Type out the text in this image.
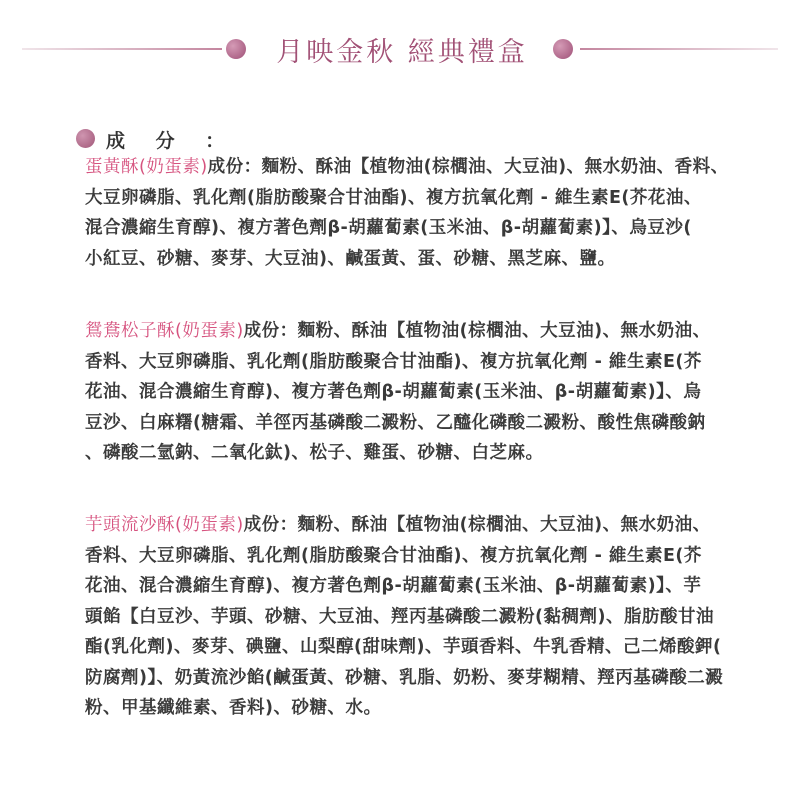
月映金秋 經典禮盒
成 分 ：
蛋黃酥(奶蛋素)成份：麵粉、酥油【植物油(棕櫚油、大豆油)、無水奶油、香料、
大豆卵磷脂、乳化劑(脂肪酸聚合甘油酯)、複方抗氧化劑 - 維生素E(芥花油、
混合濃縮生育醇)、複方著色劑β-胡蘿蔔素(玉米油、β-胡蘿蔔素)】、烏豆沙(
小紅豆、砂糖、麥芽、大豆油)、鹹蛋黃、蛋、砂糖、黑芝麻、鹽。
鴛鴦松子酥(奶蛋素)成份：麵粉、酥油【植物油(棕櫚油、大豆油)、無水奶油、
香料、大豆卵磷脂、乳化劑(脂肪酸聚合甘油酯)、複方抗氧化劑 - 維生素E(芥
花油、混合濃縮生育醇)、複方著色劑β-胡蘿蔔素(玉米油、β-胡蘿蔔素)】、烏
豆沙、白麻糬(糖霜、羊徑丙基磷酸二澱粉、乙醯化磷酸二澱粉、酸性焦磷酸鈉
、磷酸二氫鈉、二氧化鈦)、松子、雞蛋、砂糖、白芝麻。
芋頭流沙酥(奶蛋素)成份：麵粉、酥油【植物油(棕櫚油、大豆油)、無水奶油、
香料、大豆卵磷脂、乳化劑(脂肪酸聚合甘油酯)、複方抗氧化劑 - 維生素E(芥
花油、混合濃縮生育醇)、複方著色劑β-胡蘿蔔素(玉米油、β-胡蘿蔔素)】、芋
頭餡【白豆沙、芋頭、砂糖、大豆油、羥丙基磷酸二澱粉(黏稠劑)、脂肪酸甘油
酯(乳化劑)、麥芽、碘鹽、山梨醇(甜味劑)、芋頭香料、牛乳香精、己二烯酸鉀(
防腐劑)】、奶黃流沙餡(鹹蛋黃、砂糖、乳脂、奶粉、麥芽糊精、羥丙基磷酸二澱
粉、甲基纖維素、香料)、砂糖、水。
